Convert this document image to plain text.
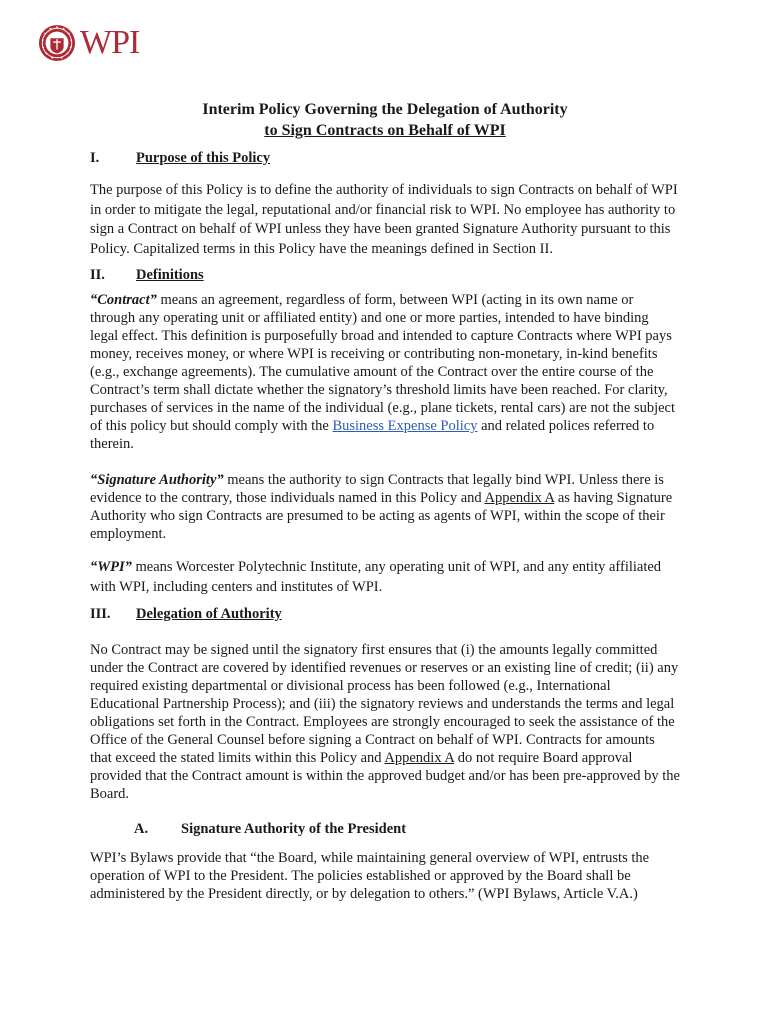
WPI
Interim Policy Governing the Delegation of Authority
to Sign Contracts on Behalf of WPI
I.	Purpose of this Policy

The purpose of this Policy is to define the authority of individuals to sign Contracts on behalf of WPI in order to mitigate the legal, reputational and/or financial risk to WPI. No employee has authority to sign a Contract on behalf of WPI unless they have been granted Signature Authority pursuant to this Policy. Capitalized terms in this Policy have the meanings defined in Section II.

II.	Definitions

“Contract” means an agreement, regardless of form, between WPI (acting in its own name or through any operating unit or affiliated entity) and one or more parties, intended to have binding legal effect. This definition is purposefully broad and intended to capture Contracts where WPI pays money, receives money, or where WPI is receiving or contributing non-monetary, in-kind benefits (e.g., exchange agreements). The cumulative amount of the Contract over the entire course of the Contract’s term shall dictate whether the signatory’s threshold limits have been reached. For clarity, purchases of services in the name of the individual (e.g., plane tickets, rental cars) are not the subject of this policy but should comply with the Business Expense Policy and related polices referred to therein.

“Signature Authority” means the authority to sign Contracts that legally bind WPI. Unless there is evidence to the contrary, those individuals named in this Policy and Appendix A as having Signature Authority who sign Contracts are presumed to be acting as agents of WPI, within the scope of their employment.

“WPI” means Worcester Polytechnic Institute, any operating unit of WPI, and any entity affiliated with WPI, including centers and institutes of WPI.

III.	Delegation of Authority

No Contract may be signed until the signatory first ensures that (i) the amounts legally committed under the Contract are covered by identified revenues or reserves or an existing line of credit; (ii) any required existing departmental or divisional process has been followed (e.g., International Educational Partnership Process); and (iii) the signatory reviews and understands the terms and legal obligations set forth in the Contract. Employees are strongly encouraged to seek the assistance of the Office of the General Counsel before signing a Contract on behalf of WPI. Contracts for amounts that exceed the stated limits within this Policy and Appendix A do not require Board approval provided that the Contract amount is within the approved budget and/or has been pre-approved by the Board.

A.	Signature Authority of the President

WPI’s Bylaws provide that “the Board, while maintaining general overview of WPI, entrusts the operation of WPI to the President. The policies established or approved by the Board shall be administered by the President directly, or by delegation to others.” (WPI Bylaws, Article V.A.)
